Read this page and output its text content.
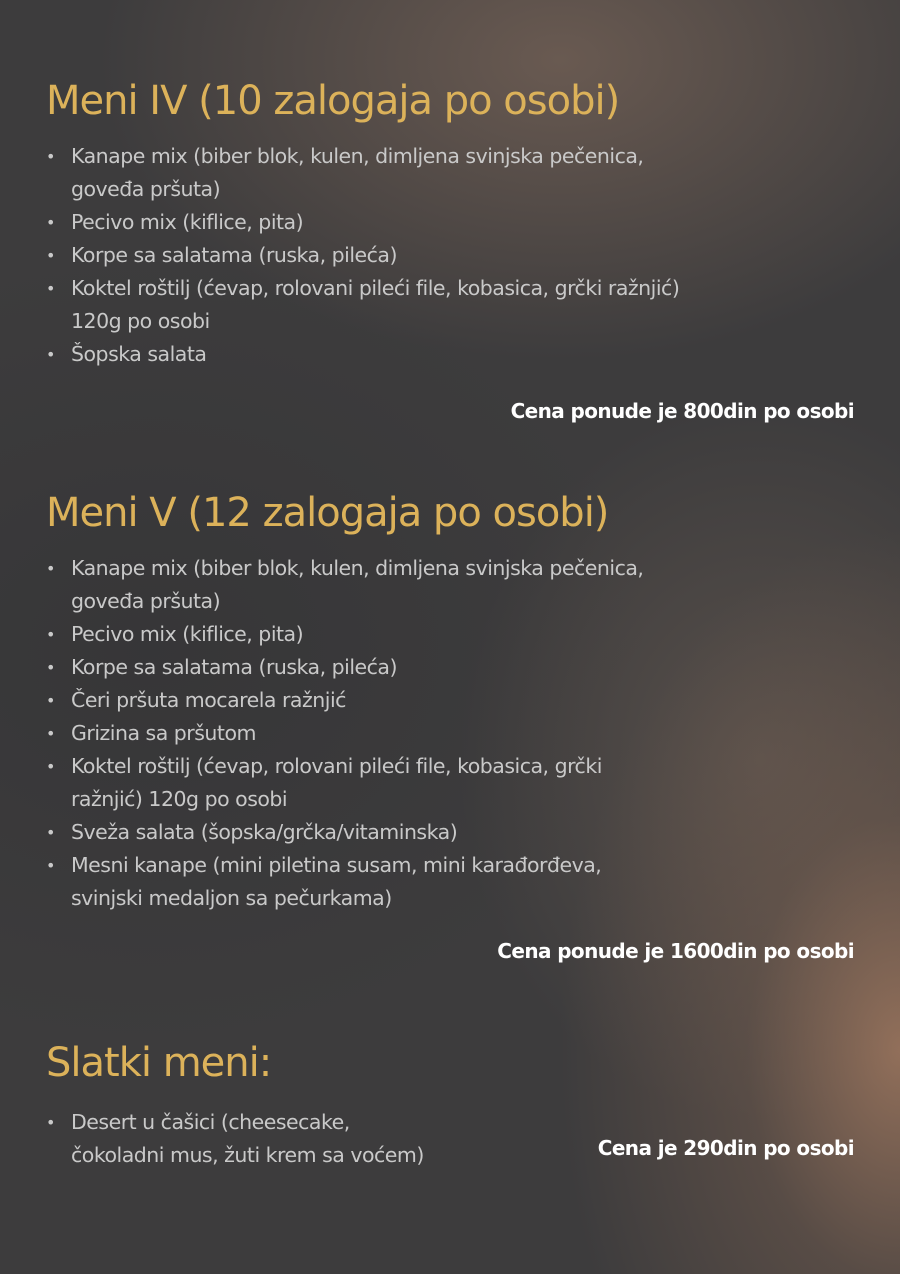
Meni IV (10 zalogaja po osobi)
• Kanape mix (biber blok, kulen, dimljena svinjska pečenica,
goveđa pršuta)
• Pecivo mix (kiflice, pita)
• Korpe sa salatama (ruska, pileća)
• Koktel roštilj (ćevap, rolovani pileći file, kobasica, grčki ražnjić)
120g po osobi
• Šopska salata
Cena ponude je 800din po osobi
Meni V (12 zalogaja po osobi)
• Kanape mix (biber blok, kulen, dimljena svinjska pečenica,
goveđa pršuta)
• Pecivo mix (kiflice, pita)
• Korpe sa salatama (ruska, pileća)
• Čeri pršuta mocarela ražnjić
• Grizina sa pršutom
• Koktel roštilj (ćevap, rolovani pileći file, kobasica, grčki
ražnjić) 120g po osobi
• Sveža salata (šopska/grčka/vitaminska)
• Mesni kanape (mini piletina susam, mini karađorđeva,
svinjski medaljon sa pečurkama)
Cena ponude je 1600din po osobi
Slatki meni:
• Desert u čašici (cheesecake,
čokoladni mus, žuti krem sa voćem)	Cena je 290din po osobi
